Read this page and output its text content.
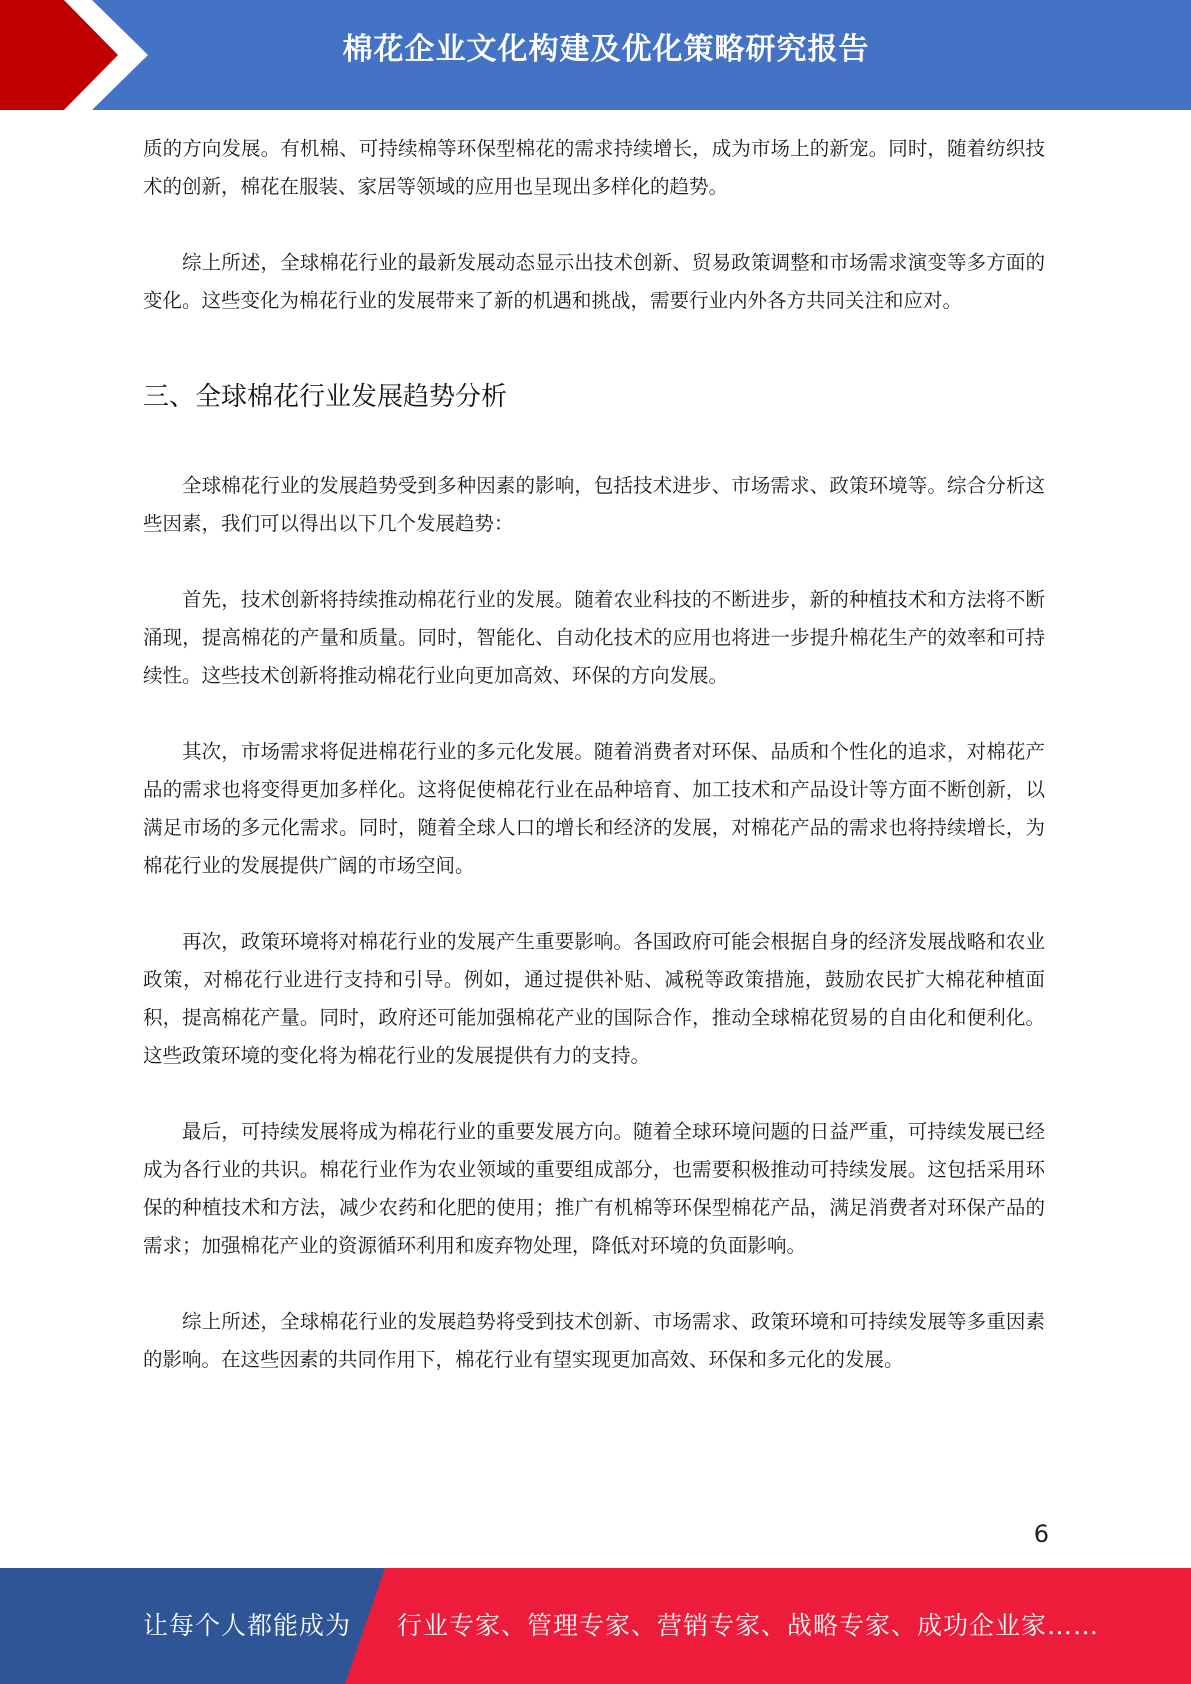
棉花企业文化构建及优化策略研究报告

质的方向发展。有机棉、可持续棉等环保型棉花的需求持续增长，成为市场上的新宠。同时，随着纺织技术的创新，棉花在服装、家居等领域的应用也呈现出多样化的趋势。

综上所述，全球棉花行业的最新发展动态显示出技术创新、贸易政策调整和市场需求演变等多方面的变化。这些变化为棉花行业的发展带来了新的机遇和挑战，需要行业内外各方共同关注和应对。

三、全球棉花行业发展趋势分析

全球棉花行业的发展趋势受到多种因素的影响，包括技术进步、市场需求、政策环境等。综合分析这些因素，我们可以得出以下几个发展趋势：

首先，技术创新将持续推动棉花行业的发展。随着农业科技的不断进步，新的种植技术和方法将不断涌现，提高棉花的产量和质量。同时，智能化、自动化技术的应用也将进一步提升棉花生产的效率和可持续性。这些技术创新将推动棉花行业向更加高效、环保的方向发展。

其次，市场需求将促进棉花行业的多元化发展。随着消费者对环保、品质和个性化的追求，对棉花产品的需求也将变得更加多样化。这将促使棉花行业在品种培育、加工技术和产品设计等方面不断创新，以满足市场的多元化需求。同时，随着全球人口的增长和经济的发展，对棉花产品的需求也将持续增长，为棉花行业的发展提供广阔的市场空间。

再次，政策环境将对棉花行业的发展产生重要影响。各国政府可能会根据自身的经济发展战略和农业政策，对棉花行业进行支持和引导。例如，通过提供补贴、减税等政策措施，鼓励农民扩大棉花种植面积，提高棉花产量。同时，政府还可能加强棉花产业的国际合作，推动全球棉花贸易的自由化和便利化。这些政策环境的变化将为棉花行业的发展提供有力的支持。

最后，可持续发展将成为棉花行业的重要发展方向。随着全球环境问题的日益严重，可持续发展已经成为各行业的共识。棉花行业作为农业领域的重要组成部分，也需要积极推动可持续发展。这包括采用环保的种植技术和方法，减少农药和化肥的使用；推广有机棉等环保型棉花产品，满足消费者对环保产品的需求；加强棉花产业的资源循环利用和废弃物处理，降低对环境的负面影响。

综上所述，全球棉花行业的发展趋势将受到技术创新、市场需求、政策环境和可持续发展等多重因素的影响。在这些因素的共同作用下，棉花行业有望实现更加高效、环保和多元化的发展。

6
让每个人都能成为 行业专家、管理专家、营销专家、战略专家、成功企业家……
